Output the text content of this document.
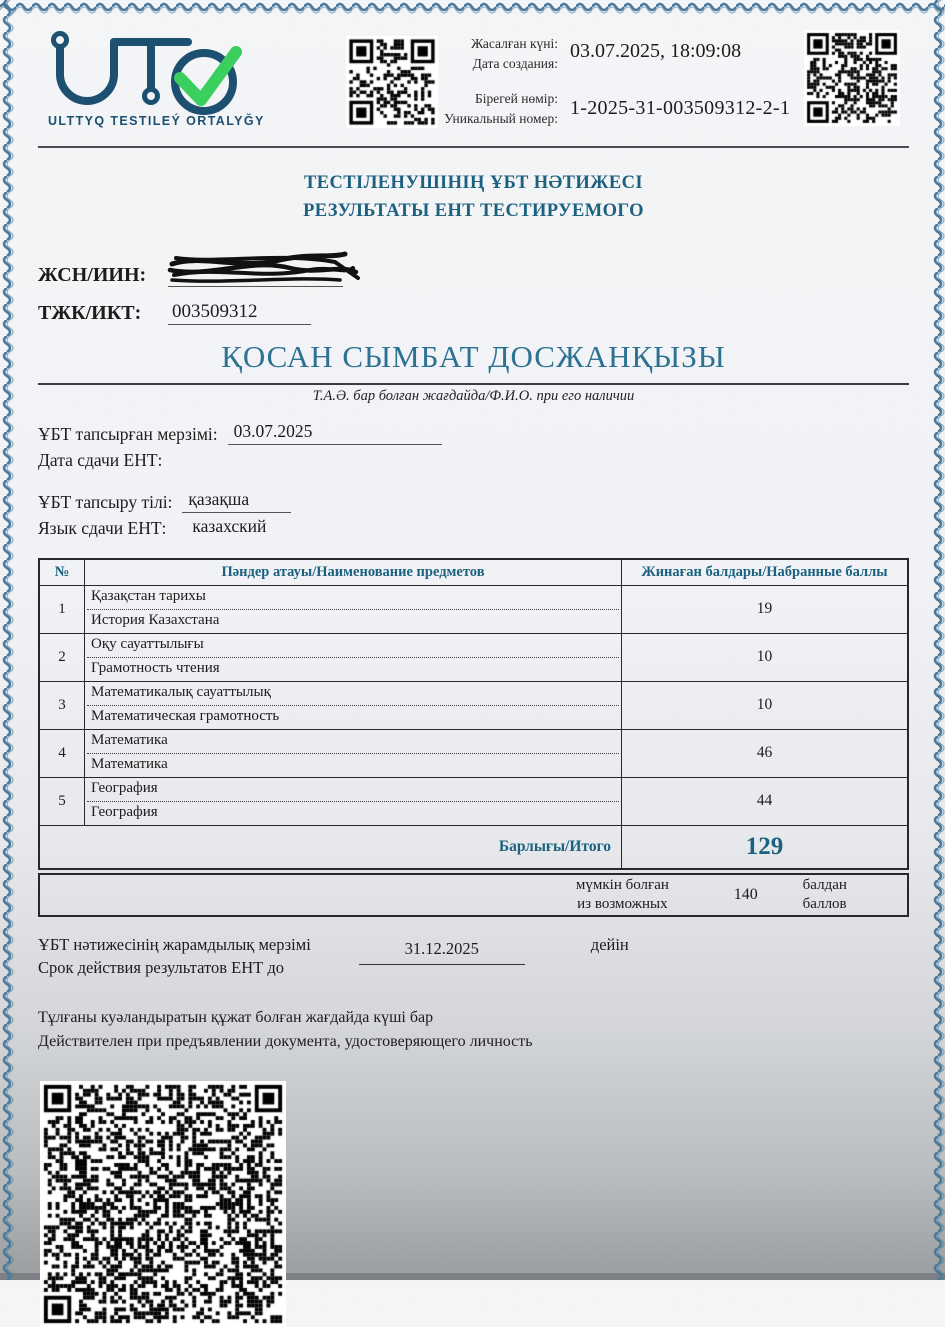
ULTTYQ TESTILEÝ ORTALYĞY
Жасалған күні:
Дата создания:
Бірегей нөмір:
Уникальный номер:
03.07.2025, 18:09:08
1-2025-31-003509312-2-1
ТЕСТІЛЕНУШІНІҢ ҰБТ НӘТИЖЕСІ
РЕЗУЛЬТАТЫ ЕНТ ТЕСТИРУЕМОГО
ЖСН/ИИН:
ТЖК/ИКТ:	003509312
ҚОСАН СЫМБАТ ДОСЖАНҚЫЗЫ
Т.А.Ә. бар болған жағдайда/Ф.И.О. при его наличии
ҰБТ тапсырған мерзімі:
Дата сдачи ЕНТ:
03.07.2025
ҰБТ тапсыру тілі:
Язык сдачи ЕНТ:
қазақша
казахский
№	Пәндер атауы/Наименование предметов	Жинаған балдары/Набранные баллы
1	Қазақстан тарихы
История Казахстана	19
2	Оқу сауаттылығы
Грамотность чтения	10
3	Математикалық сауаттылық
Математическая грамотность	10
4	Математика
Математика	46
5	География
География	44
Барлығы/Итого		129
мүмкін болған
из возможных
140
балдан
баллов
ҰБТ нәтижесінің жарамдылық мерзімі
Срок действия результатов ЕНТ до
31.12.2025	дейін
Тұлғаны куәландыратын құжат болған жағдайда күші бар
Действителен при предъявлении документа, удостоверяющего личность
